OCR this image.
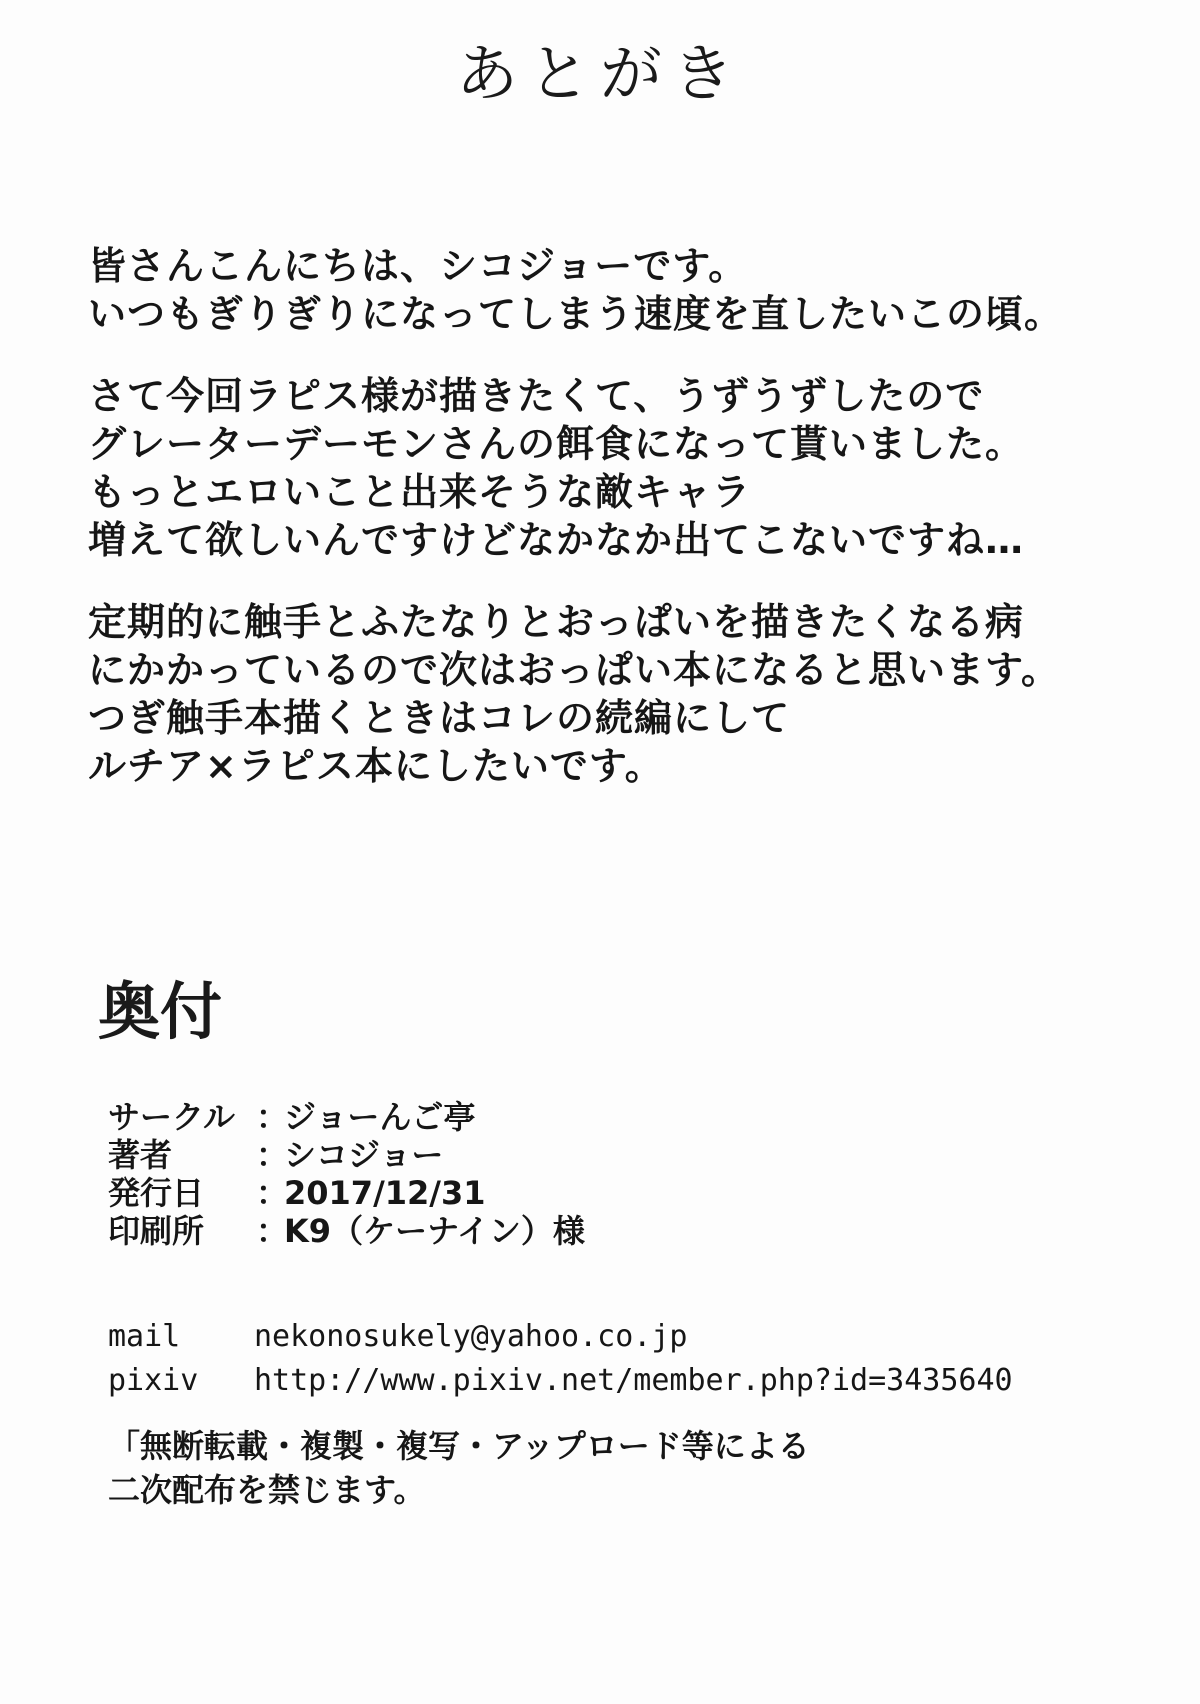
あとがき
皆さんこんにちは、シコジョーです。
いつもぎりぎりになってしまう速度を直したいこの頃。
さて今回ラピス様が描きたくて、うずうずしたので
グレーターデーモンさんの餌食になって貰いました。
もっとエロいこと出来そうな敵キャラ
増えて欲しいんですけどなかなか出てこないですね…
定期的に触手とふたなりとおっぱいを描きたくなる病
にかかっているので次はおっぱい本になると思います。
つぎ触手本描くときはコレの続編にして
ルチア×ラピス本にしたいです。
奥付
サークル ：
ジョーんご亭
著者	：
シコジョー
発行日	：
2017/12/31
印刷所	：
K9（ケーナイン）様
mail	nekonosukely@yahoo.co.jp
pixiv	http://www.pixiv.net/member.php?id=3435640
「無断転載・複製・複写・アップロード等による
二次配布を禁じます。
